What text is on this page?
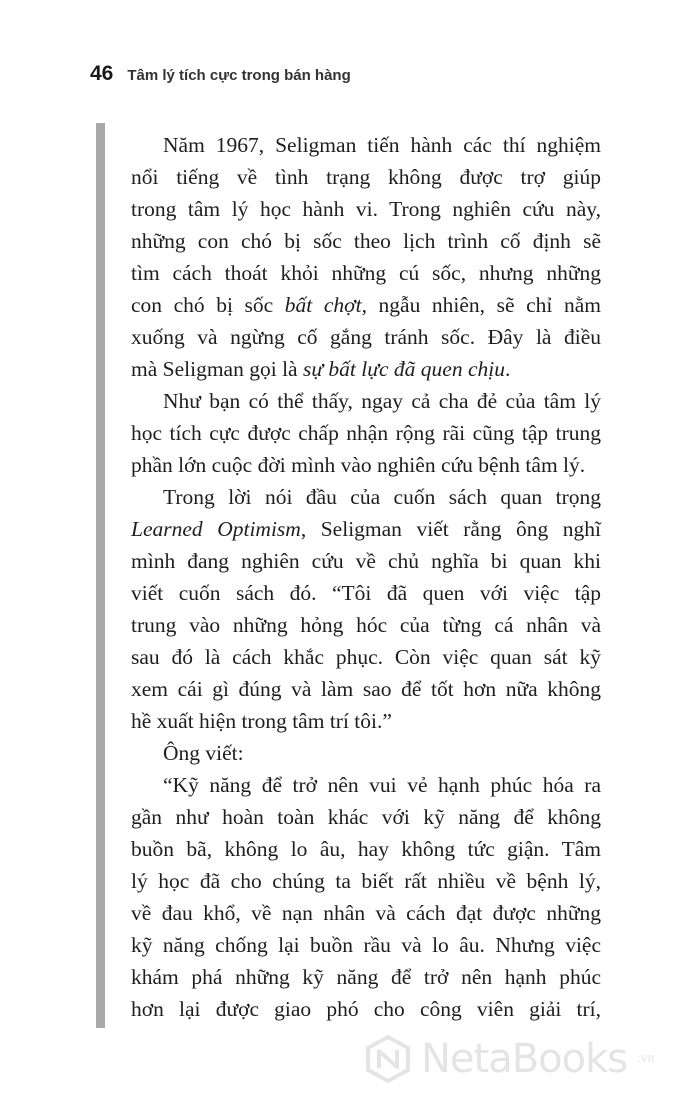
46 Tâm lý tích cực trong bán hàng

Năm 1967, Seligman tiến hành các thí nghiệm
nổi tiếng về tình trạng không được trợ giúp
trong tâm lý học hành vi. Trong nghiên cứu này,
những con chó bị sốc theo lịch trình cố định sẽ
tìm cách thoát khỏi những cú sốc, nhưng những
con chó bị sốc bất chợt, ngẫu nhiên, sẽ chỉ nằm
xuống và ngừng cố gắng tránh sốc. Đây là điều
mà Seligman gọi là sự bất lực đã quen chịu.

Như bạn có thể thấy, ngay cả cha đẻ của tâm lý
học tích cực được chấp nhận rộng rãi cũng tập trung
phần lớn cuộc đời mình vào nghiên cứu bệnh tâm lý.

Trong lời nói đầu của cuốn sách quan trọng
Learned Optimism, Seligman viết rằng ông nghĩ
mình đang nghiên cứu về chủ nghĩa bi quan khi
viết cuốn sách đó. “Tôi đã quen với việc tập
trung vào những hỏng hóc của từng cá nhân và
sau đó là cách khắc phục. Còn việc quan sát kỹ
xem cái gì đúng và làm sao để tốt hơn nữa không
hề xuất hiện trong tâm trí tôi.”

Ông viết:

“Kỹ năng để trở nên vui vẻ hạnh phúc hóa ra
gần như hoàn toàn khác với kỹ năng để không
buồn bã, không lo âu, hay không tức giận. Tâm
lý học đã cho chúng ta biết rất nhiều về bệnh lý,
về đau khổ, về nạn nhân và cách đạt được những
kỹ năng chống lại buồn rầu và lo âu. Nhưng việc
khám phá những kỹ năng để trở nên hạnh phúc
hơn lại được giao phó cho công viên giải trí,

NetaBooks .vn
